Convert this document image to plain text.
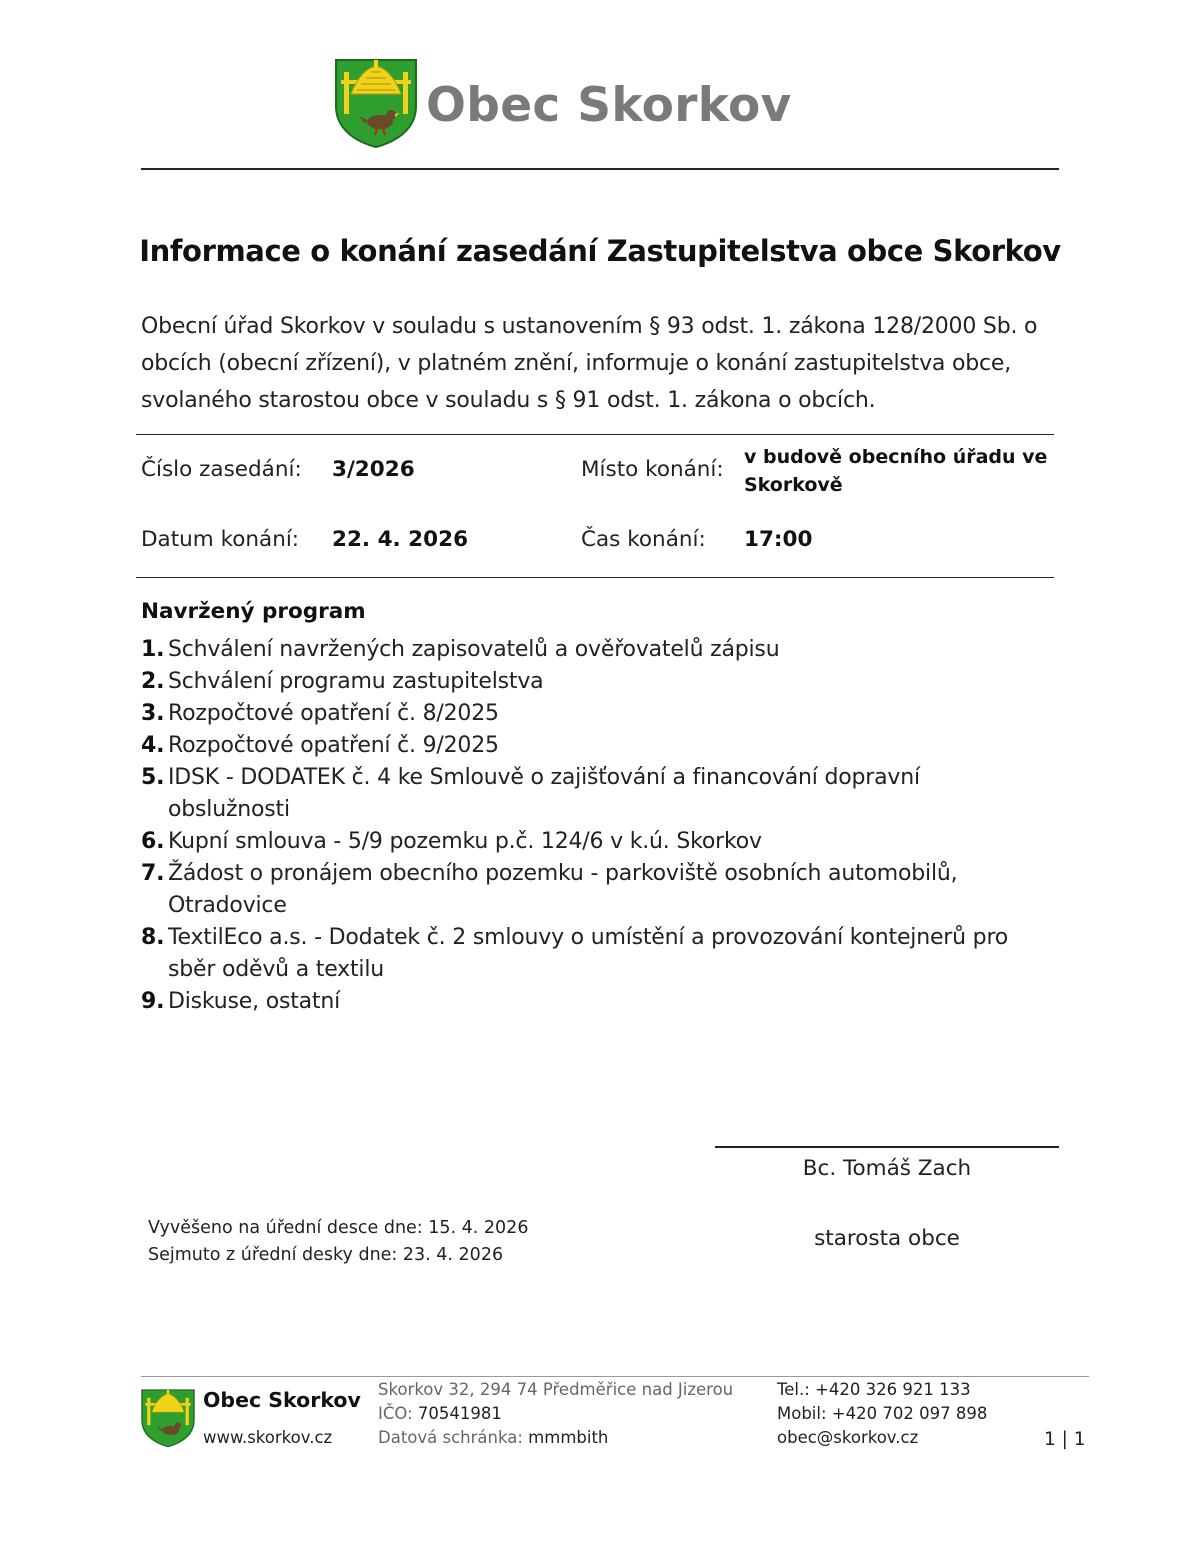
Obec Skorkov
Informace o konání zasedání Zastupitelstva obce Skorkov

Obecní úřad Skorkov v souladu s ustanovením § 93 odst. 1. zákona 128/2000 Sb. o obcích (obecní zřízení), v platném znění, informuje o konání zastupitelstva obce, svolaného starostou obce v souladu s § 91 odst. 1. zákona o obcích.

Číslo zasedání: 3/2026	Místo konání: v budově obecního úřadu ve Skorkově
Datum konání: 22. 4. 2026	Čas konání: 17:00
Navržený program
1. Schválení navržených zapisovatelů a ověřovatelů zápisu
2. Schválení programu zastupitelstva
3. Rozpočtové opatření č. 8/2025
4. Rozpočtové opatření č. 9/2025
5. IDSK - DODATEK č. 4 ke Smlouvě o zajišťování a financování dopravní obslužnosti
6. Kupní smlouva - 5/9 pozemku p.č. 124/6 v k.ú. Skorkov
7. Žádost o pronájem obecního pozemku - parkoviště osobních automobilů, Otradovice
8. TextilEco a.s. - Dodatek č. 2 smlouvy o umístění a provozování kontejnerů pro sběr oděvů a textilu
9. Diskuse, ostatní
Bc. Tomáš Zach
starosta obce
Vyvěšeno na úřední desce dne: 15. 4. 2026
Sejmuto z úřední desky dne: 23. 4. 2026
Obec Skorkov
www.skorkov.cz
Skorkov 32, 294 74 Předměřice nad Jizerou
IČO: 70541981
Datová schránka: mmmbith
Tel.: +420 326 921 133
Mobil: +420 702 097 898
obec@skorkov.cz	1 | 1
